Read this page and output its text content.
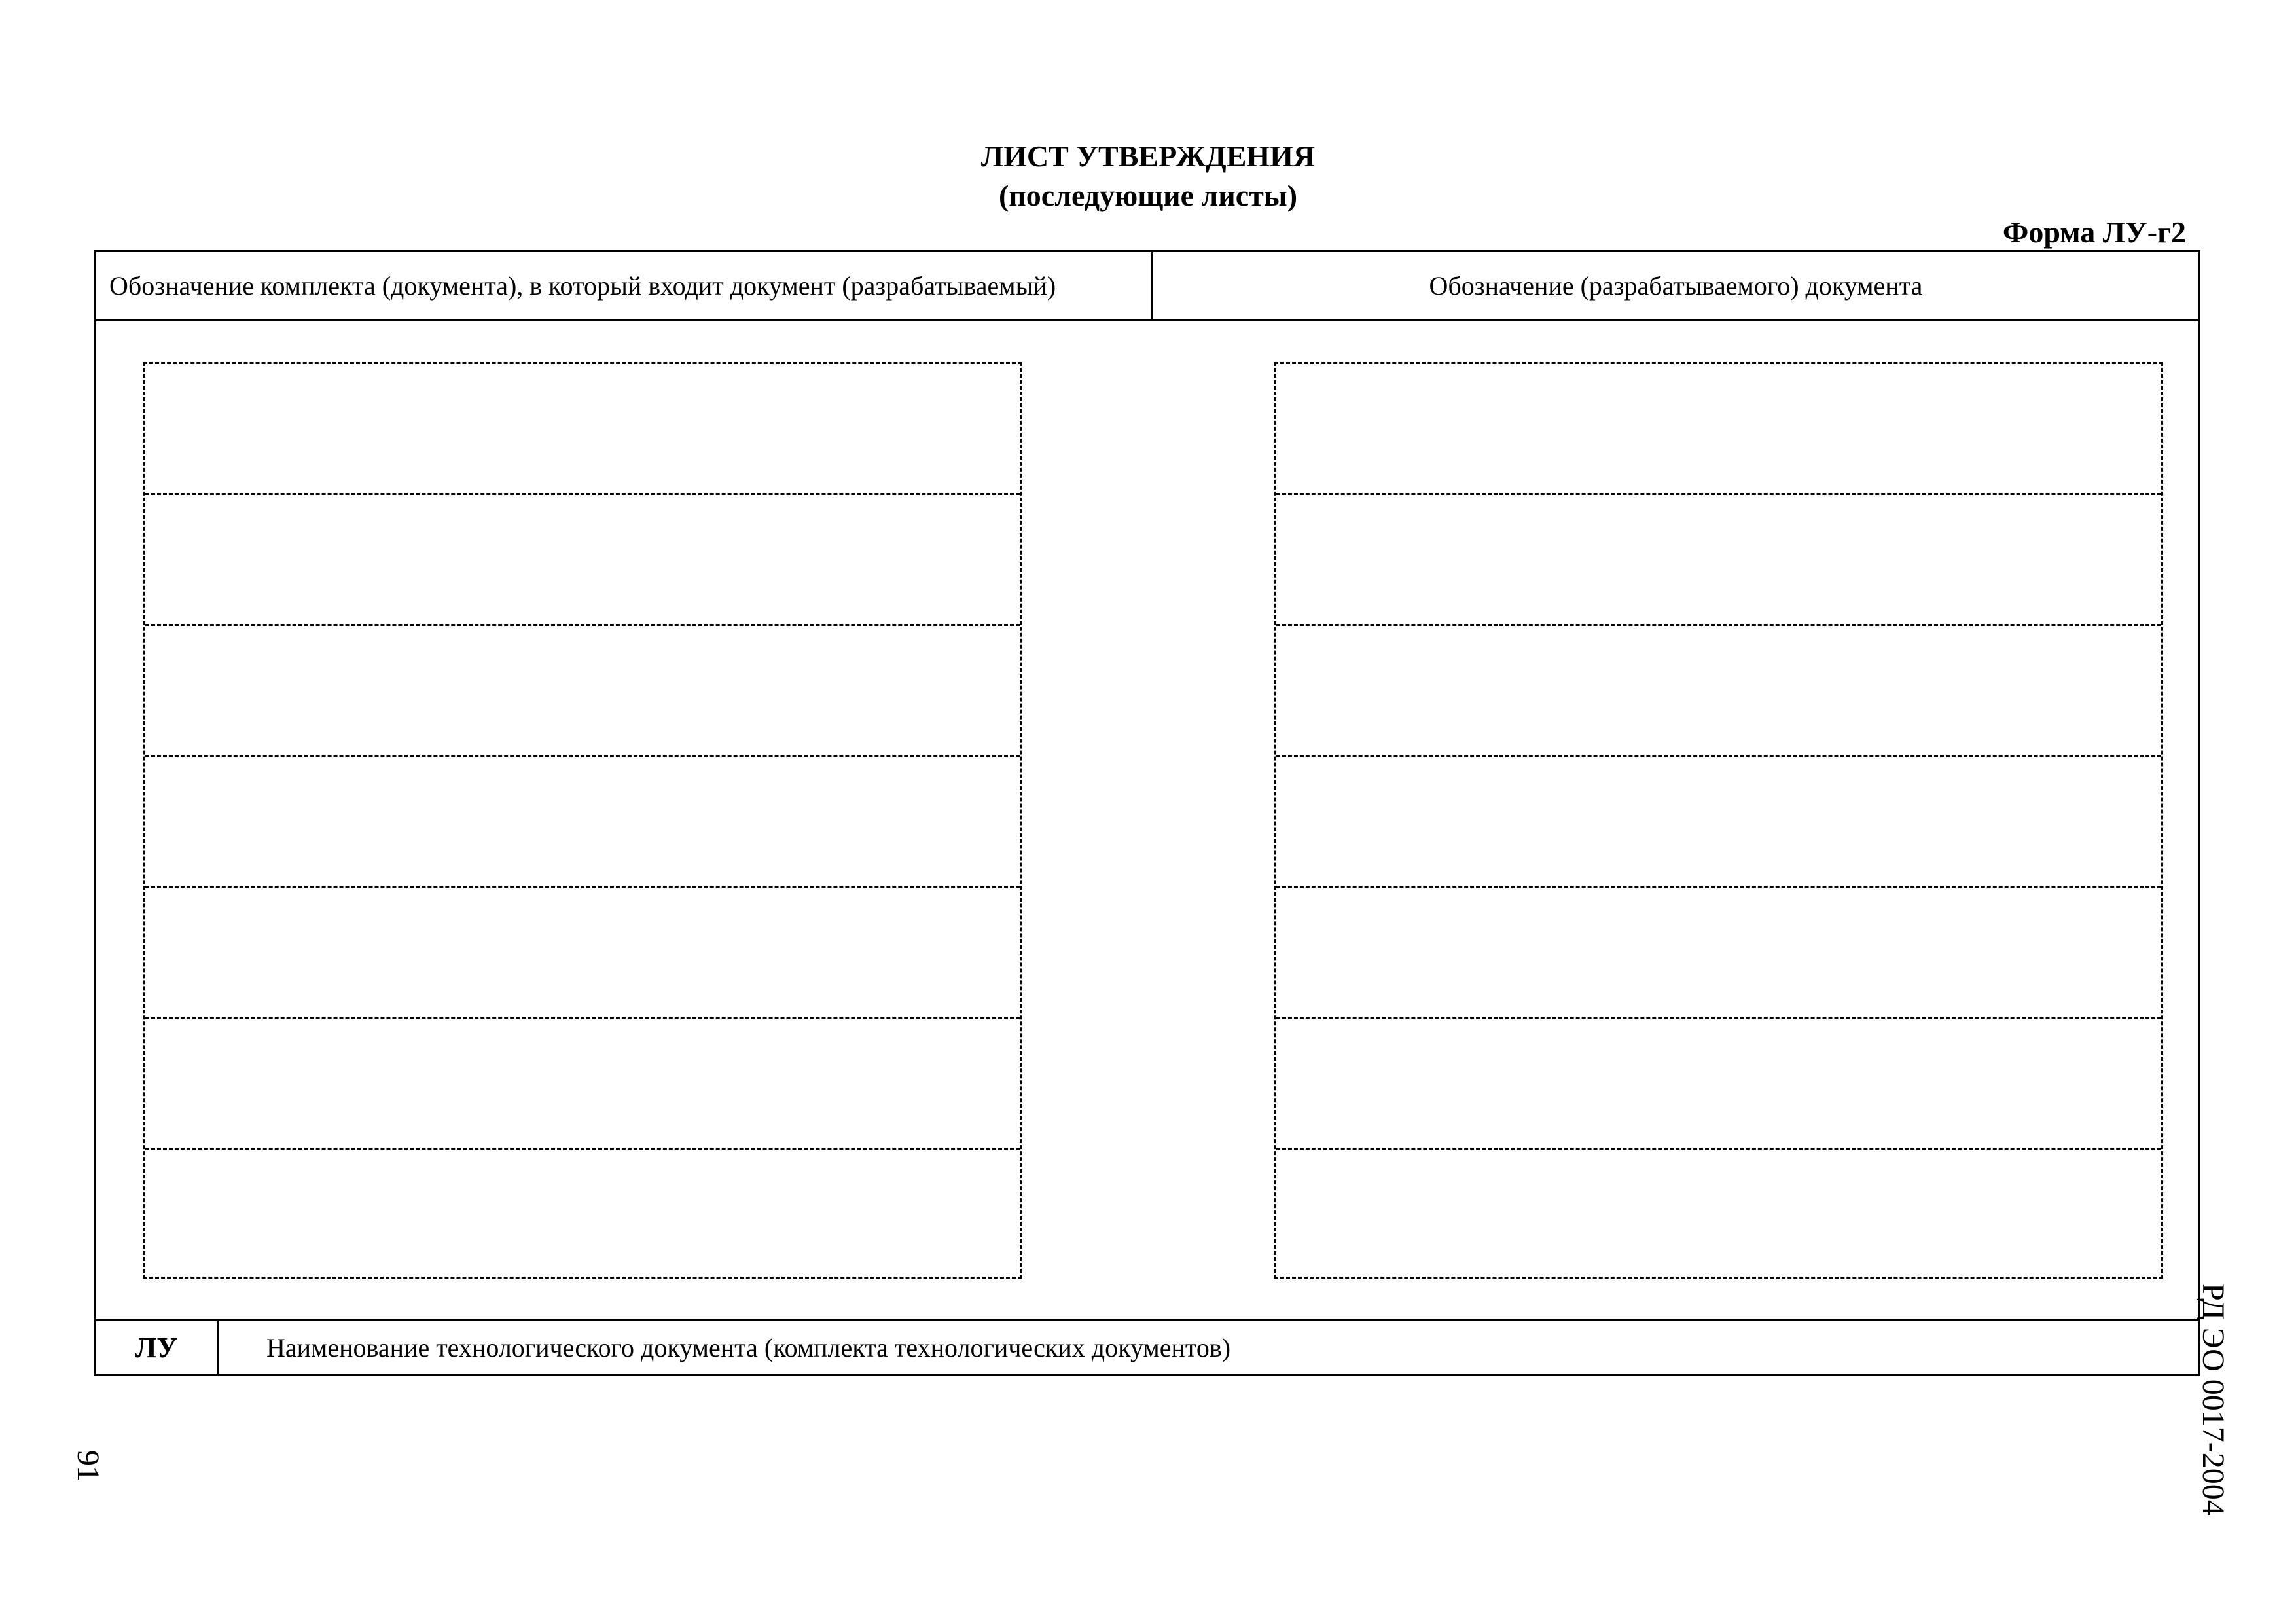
ЛИСТ УТВЕРЖДЕНИЯ
(последующие листы)
Форма ЛУ-г2
Обозначение комплекта (документа), в который входит документ (разрабатываемый)	Обозначение (разрабатываемого) документа
ЛУ	Наименование технологического документа (комплекта технологических документов)	РД ЭО 0017-2004
91
